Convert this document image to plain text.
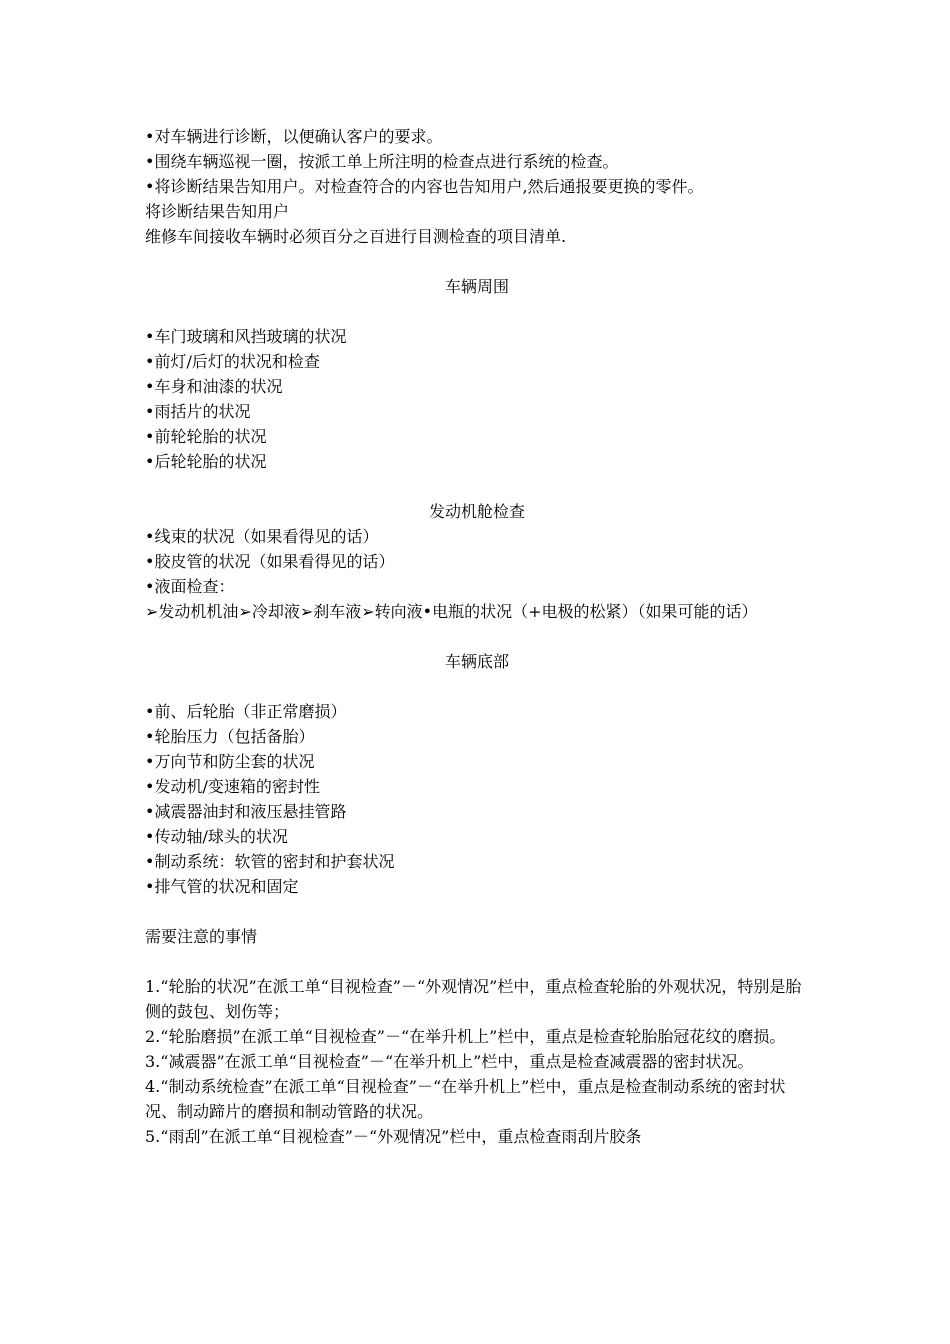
•对车辆进行诊断，以便确认客户的要求。

•围绕车辆巡视一圈，按派工单上所注明的检查点进行系统的检查。

•将诊断结果告知用户。对检查符合的内容也告知用户,然后通报要更换的零件。

将诊断结果告知用户

维修车间接收车辆时必须百分之百进行目测检查的项目清单.

车辆周围

•车门玻璃和风挡玻璃的状况

•前灯/后灯的状况和检查

•车身和油漆的状况

•雨括片的状况

•前轮轮胎的状况

•后轮轮胎的状况

发动机舱检查

•线束的状况（如果看得见的话）

•胶皮管的状况（如果看得见的话）

•液面检查：

➢发动机机油➢冷却液➢刹车液➢转向液•电瓶的状况（+电极的松紧）（如果可能的话）

车辆底部

•前、后轮胎（非正常磨损）

•轮胎压力（包括备胎）

•万向节和防尘套的状况

•发动机/变速箱的密封性

•减震器油封和液压悬挂管路

•传动轴/球头的状况

•制动系统：软管的密封和护套状况

•排气管的状况和固定

需要注意的事情

1.“轮胎的状况”在派工单“目视检查”－“外观情况”栏中，重点检查轮胎的外观状况，特别是胎侧的鼓包、划伤等；

2.“轮胎磨损”在派工单“目视检查”－“在举升机上”栏中，重点是检查轮胎胎冠花纹的磨损。

3.“减震器”在派工单“目视检查”－“在举升机上”栏中，重点是检查减震器的密封状况。

4.“制动系统检查”在派工单“目视检查”－“在举升机上”栏中，重点是检查制动系统的密封状况、制动蹄片的磨损和制动管路的状况。

5.“雨刮”在派工单“目视检查”－“外观情况”栏中，重点检查雨刮片胶条
